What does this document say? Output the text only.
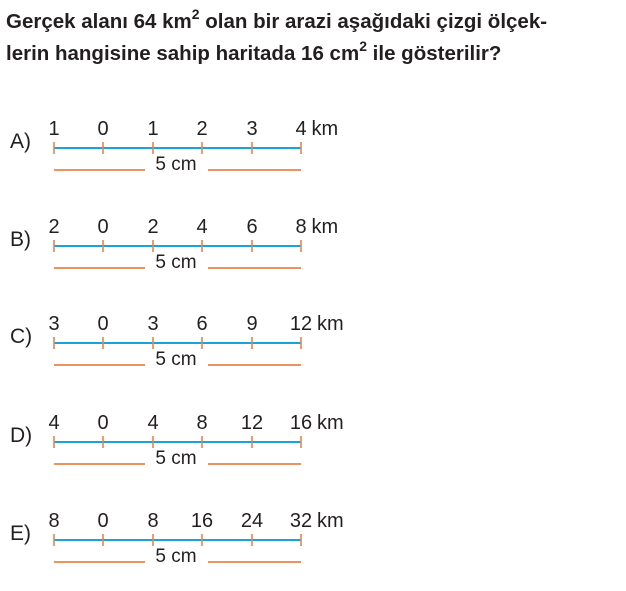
Gerçek alanı 64 $km^2$ olan bir arazi aşağıdaki çizgi ölçek-
lerin hangisine sahip haritada 16 $cm^2$ ile gösterilir?

A)
1 0 1 2 3 4 km
5 cm
B)
2 0 2 4 6 8 km
5 cm
C)
3 0 3 6 9 12 km
5 cm
D)
4 0 4 8 12 16 km
5 cm
E)
8 0 8 16 24 32 km
5 cm
